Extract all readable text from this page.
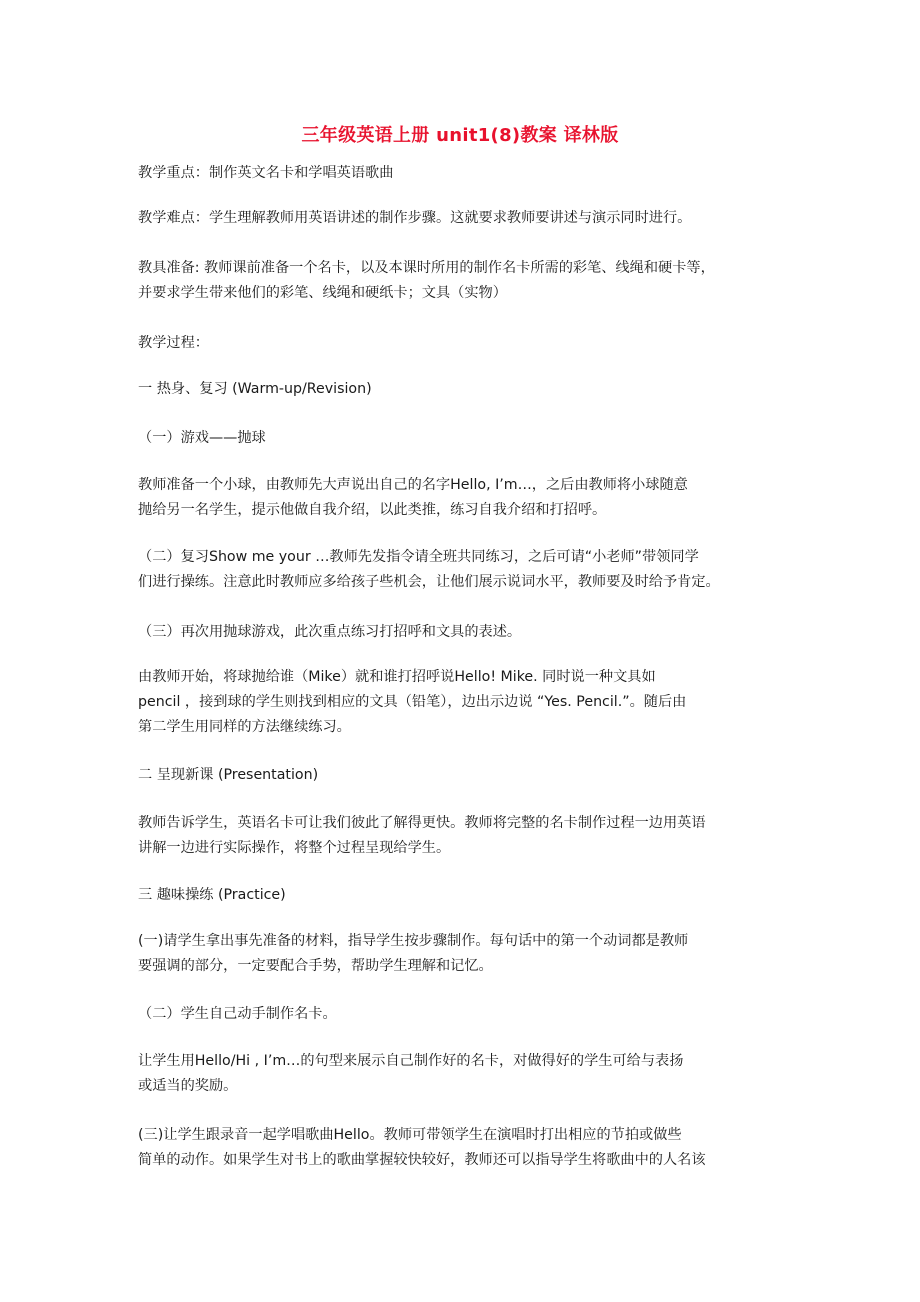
三年级英语上册 unit1(8)教案 译林版
教学重点：制作英文名卡和学唱英语歌曲
教学难点：学生理解教师用英语讲述的制作步骤。这就要求教师要讲述与演示同时进行。
教具准备: 教师课前准备一个名卡，以及本课时所用的制作名卡所需的彩笔、线绳和硬卡等，
并要求学生带来他们的彩笔、线绳和硬纸卡；文具（实物）
教学过程：
一 热身、复习 (Warm-up/Revision)
（一）游戏——抛球
教师准备一个小球，由教师先大声说出自己的名字Hello, I’m…，之后由教师将小球随意
抛给另一名学生，提示他做自我介绍，以此类推，练习自我介绍和打招呼。
（二）复习Show me your …教师先发指令请全班共同练习，之后可请“小老师”带领同学
们进行操练。注意此时教师应多给孩子些机会，让他们展示说词水平，教师要及时给予肯定。
（三）再次用抛球游戏，此次重点练习打招呼和文具的表述。
由教师开始，将球抛给谁（Mike）就和谁打招呼说Hello! Mike. 同时说一种文具如
pencil ，接到球的学生则找到相应的文具（铅笔），边出示边说 “Yes. Pencil.”。随后由
第二学生用同样的方法继续练习。
二 呈现新课 (Presentation)
教师告诉学生，英语名卡可让我们彼此了解得更快。教师将完整的名卡制作过程一边用英语
讲解一边进行实际操作，将整个过程呈现给学生。
三 趣味操练 (Practice)
(一)请学生拿出事先准备的材料，指导学生按步骤制作。每句话中的第一个动词都是教师
要强调的部分，一定要配合手势，帮助学生理解和记忆。
（二）学生自己动手制作名卡。
让学生用Hello/Hi , I’m…的句型来展示自己制作好的名卡，对做得好的学生可给与表扬
或适当的奖励。
(三)让学生跟录音一起学唱歌曲Hello。教师可带领学生在演唱时打出相应的节拍或做些
简单的动作。如果学生对书上的歌曲掌握较快较好，教师还可以指导学生将歌曲中的人名该
